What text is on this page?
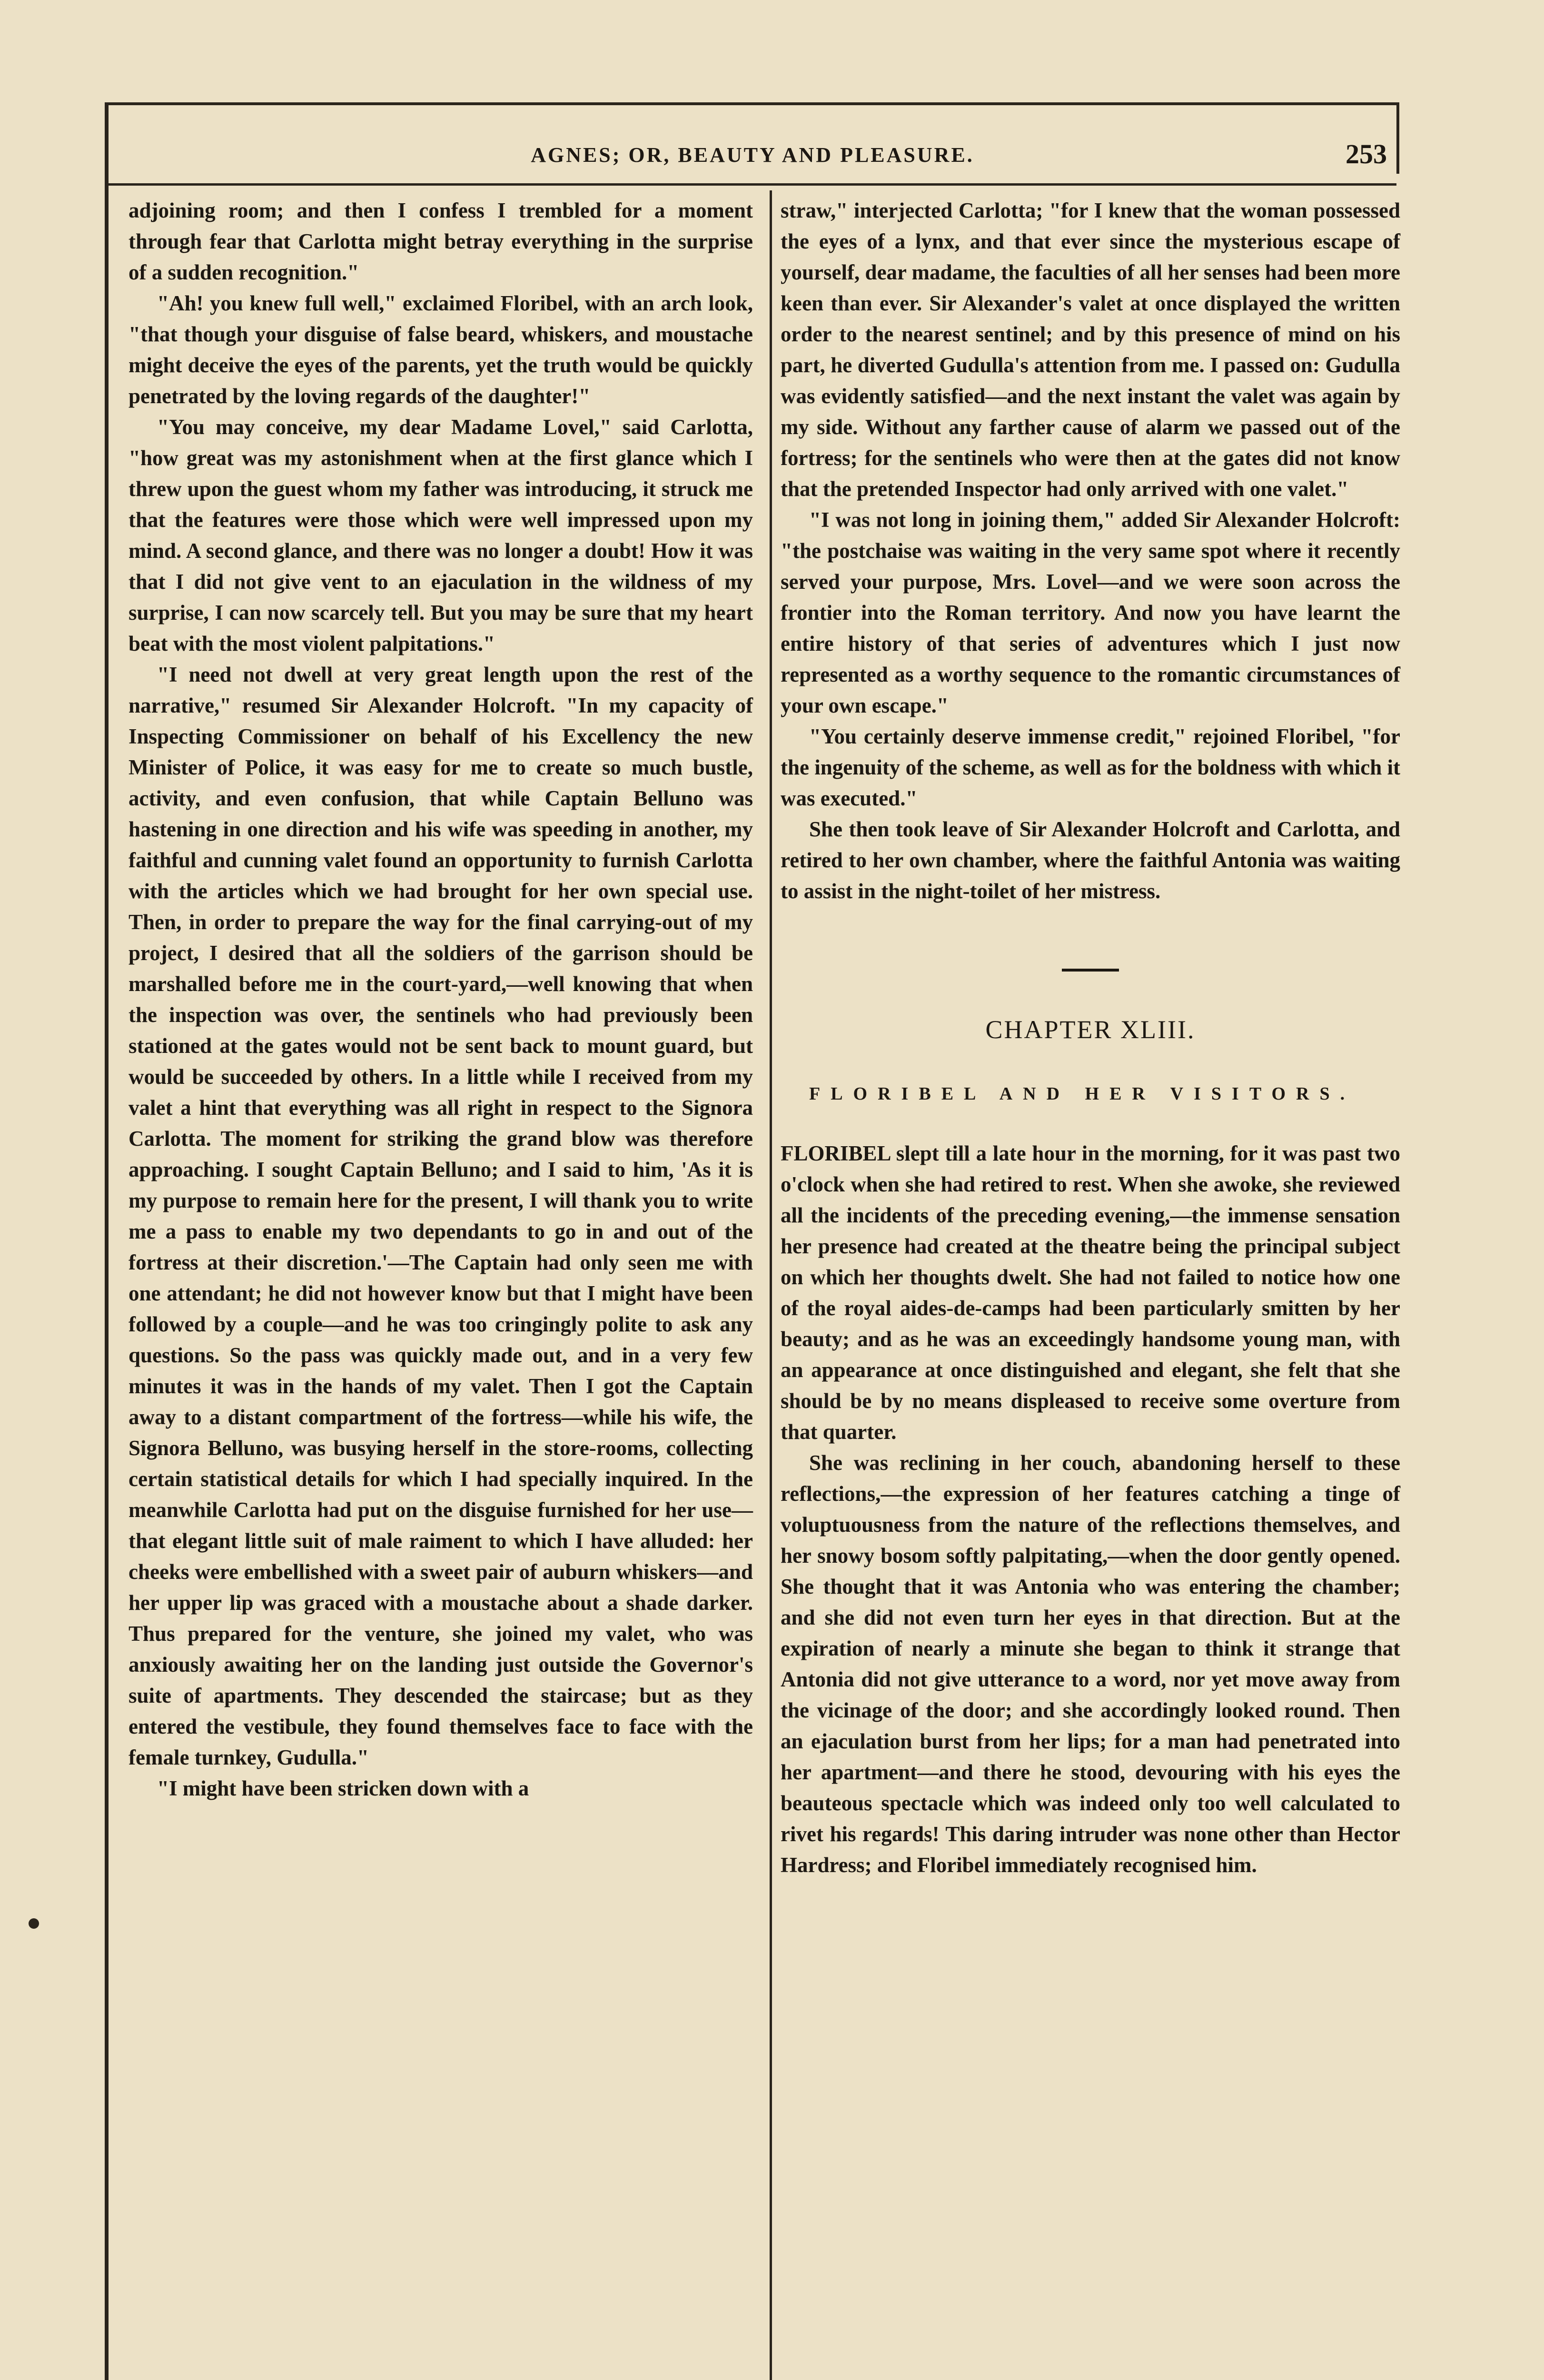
AGNES; OR, BEAUTY AND PLEASURE.	253

adjoining room; and then I confess I trembled for a moment through fear that Carlotta might betray everything in the surprise of a sudden recognition."

"Ah! you knew full well," exclaimed Floribel, with an arch look, "that though your disguise of false beard, whiskers, and moustache might deceive the eyes of the parents, yet the truth would be quickly penetrated by the loving regards of the daughter!"

"You may conceive, my dear Madame Lovel," said Carlotta, "how great was my astonishment when at the first glance which I threw upon the guest whom my father was introducing, it struck me that the features were those which were well impressed upon my mind. A second glance, and there was no longer a doubt! How it was that I did not give vent to an ejaculation in the wildness of my surprise, I can now scarcely tell. But you may be sure that my heart beat with the most violent palpitations."

"I need not dwell at very great length upon the rest of the narrative," resumed Sir Alexander Holcroft. "In my capacity of Inspecting Commissioner on behalf of his Excellency the new Minister of Police, it was easy for me to create so much bustle, activity, and even confusion, that while Captain Belluno was hastening in one direction and his wife was speeding in another, my faithful and cunning valet found an opportunity to furnish Carlotta with the articles which we had brought for her own special use. Then, in order to prepare the way for the final carrying-out of my project, I desired that all the soldiers of the garrison should be marshalled before me in the court-yard,—well knowing that when the inspection was over, the sentinels who had previously been stationed at the gates would not be sent back to mount guard, but would be succeeded by others. In a little while I received from my valet a hint that everything was all right in respect to the Signora Carlotta. The moment for striking the grand blow was therefore approaching. I sought Captain Belluno; and I said to him, 'As it is my purpose to remain here for the present, I will thank you to write me a pass to enable my two dependants to go in and out of the fortress at their discretion.'—The Captain had only seen me with one attendant; he did not however know but that I might have been followed by a couple—and he was too cringingly polite to ask any questions. So the pass was quickly made out, and in a very few minutes it was in the hands of my valet. Then I got the Captain away to a distant compartment of the fortress—while his wife, the Signora Belluno, was busying herself in the store-rooms, collecting certain statistical details for which I had specially inquired. In the meanwhile Carlotta had put on the disguise furnished for her use—that elegant little suit of male raiment to which I have alluded: her cheeks were embellished with a sweet pair of auburn whiskers—and her upper lip was graced with a moustache about a shade darker. Thus prepared for the venture, she joined my valet, who was anxiously awaiting her on the landing just outside the Governor's suite of apartments. They descended the staircase; but as they entered the vestibule, they found themselves face to face with the female turnkey, Gudulla."

"I might have been stricken down with a

straw," interjected Carlotta; "for I knew that the woman possessed the eyes of a lynx, and that ever since the mysterious escape of yourself, dear madame, the faculties of all her senses had been more keen than ever. Sir Alexander's valet at once displayed the written order to the nearest sentinel; and by this presence of mind on his part, he diverted Gudulla's attention from me. I passed on: Gudulla was evidently satisfied—and the next instant the valet was again by my side. Without any farther cause of alarm we passed out of the fortress; for the sentinels who were then at the gates did not know that the pretended Inspector had only arrived with one valet."

"I was not long in joining them," added Sir Alexander Holcroft: "the postchaise was waiting in the very same spot where it recently served your purpose, Mrs. Lovel—and we were soon across the frontier into the Roman territory. And now you have learnt the entire history of that series of adventures which I just now represented as a worthy sequence to the romantic circumstances of your own escape."

"You certainly deserve immense credit," rejoined Floribel, "for the ingenuity of the scheme, as well as for the boldness with which it was executed."

She then took leave of Sir Alexander Holcroft and Carlotta, and retired to her own chamber, where the faithful Antonia was waiting to assist in the night-toilet of her mistress.

CHAPTER XLIII.
FLORIBEL AND HER VISITORS.

FLORIBEL slept till a late hour in the morning, for it was past two o'clock when she had retired to rest. When she awoke, she reviewed all the incidents of the preceding evening,—the immense sensation her presence had created at the theatre being the principal subject on which her thoughts dwelt. She had not failed to notice how one of the royal aides-de-camps had been particularly smitten by her beauty; and as he was an exceedingly handsome young man, with an appearance at once distinguished and elegant, she felt that she should be by no means displeased to receive some overture from that quarter.

She was reclining in her couch, abandoning herself to these reflections,—the expression of her features catching a tinge of voluptuousness from the nature of the reflections themselves, and her snowy bosom softly palpitating,—when the door gently opened. She thought that it was Antonia who was entering the chamber; and she did not even turn her eyes in that direction. But at the expiration of nearly a minute she began to think it strange that Antonia did not give utterance to a word, nor yet move away from the vicinage of the door; and she accordingly looked round. Then an ejaculation burst from her lips; for a man had penetrated into her apartment—and there he stood, devouring with his eyes the beauteous spectacle which was indeed only too well calculated to rivet his regards! This daring intruder was none other than Hector Hardress; and Floribel immediately recognised him.
